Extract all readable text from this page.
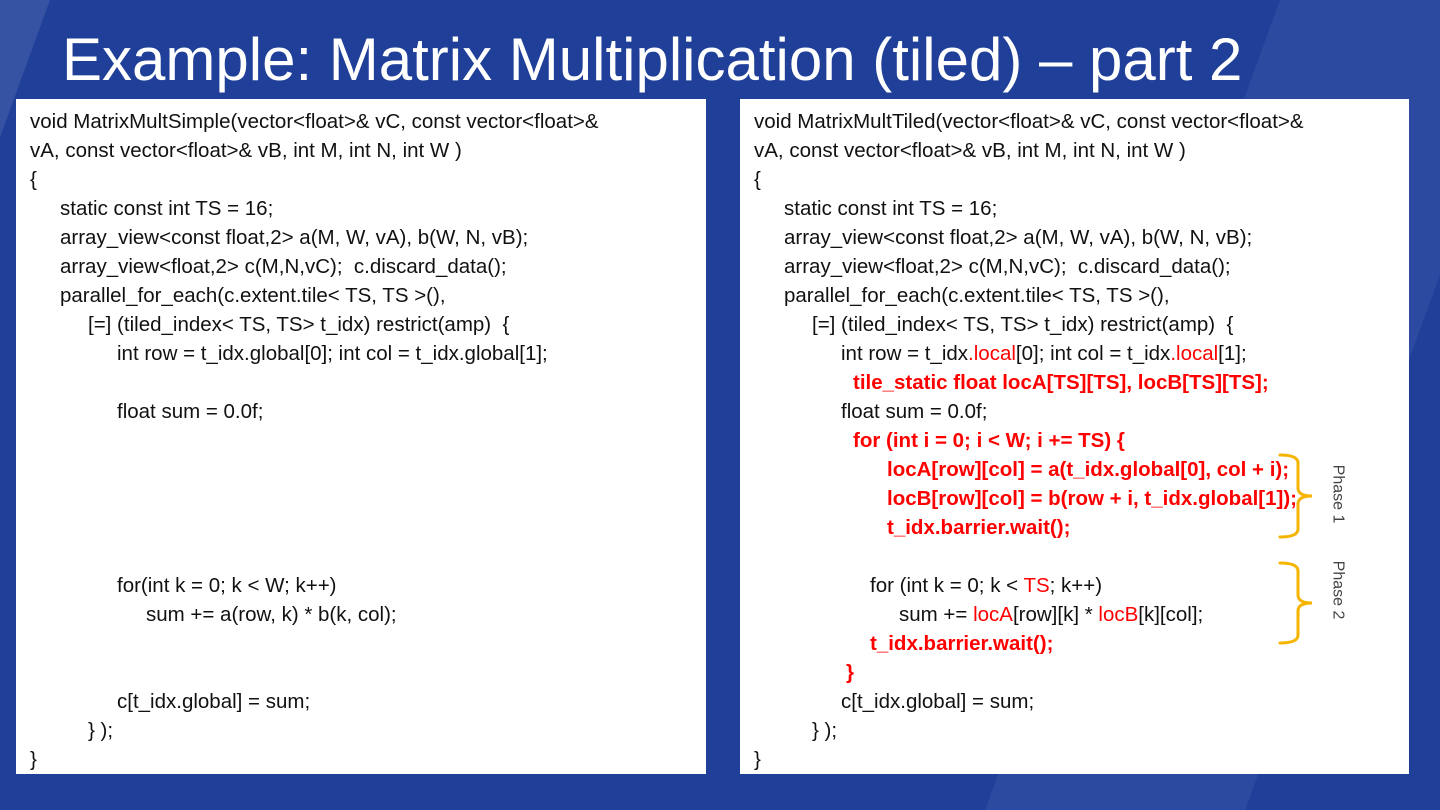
Example: Matrix Multiplication (tiled) – part 2
void MatrixMultSimple(vector<float>& vC, const vector<float>&
vA, const vector<float>& vB, int M, int N, int W )
{
static const int TS = 16;
array_view<const float,2> a(M, W, vA), b(W, N, vB);
array_view<float,2> c(M,N,vC);  c.discard_data();
parallel_for_each(c.extent.tile< TS, TS >(),
[=] (tiled_index< TS, TS> t_idx) restrict(amp)  {
int row = t_idx.global[0]; int col = t_idx.global[1];
float sum = 0.0f;
for(int k = 0; k < W; k++)
sum += a(row, k) * b(k, col);
c[t_idx.global] = sum;
} );
}
Phase 1
Phase 2
void MatrixMultTiled(vector<float>& vC, const vector<float>&
vA, const vector<float>& vB, int M, int N, int W )
{
static const int TS = 16;
array_view<const float,2> a(M, W, vA), b(W, N, vB);
array_view<float,2> c(M,N,vC);  c.discard_data();
parallel_for_each(c.extent.tile< TS, TS >(),
[=] (tiled_index< TS, TS> t_idx) restrict(amp)  {
int row = t_idx.local[0]; int col = t_idx.local[1];
tile_static float locA[TS][TS], locB[TS][TS];
float sum = 0.0f;
for (int i = 0; i < W; i += TS) {
locA[row][col] = a(t_idx.global[0], col + i);
locB[row][col] = b(row + i, t_idx.global[1]);
t_idx.barrier.wait();
for (int k = 0; k < TS; k++)
sum += locA[row][k] * locB[k][col];
t_idx.barrier.wait();
}
c[t_idx.global] = sum;
} );
}
